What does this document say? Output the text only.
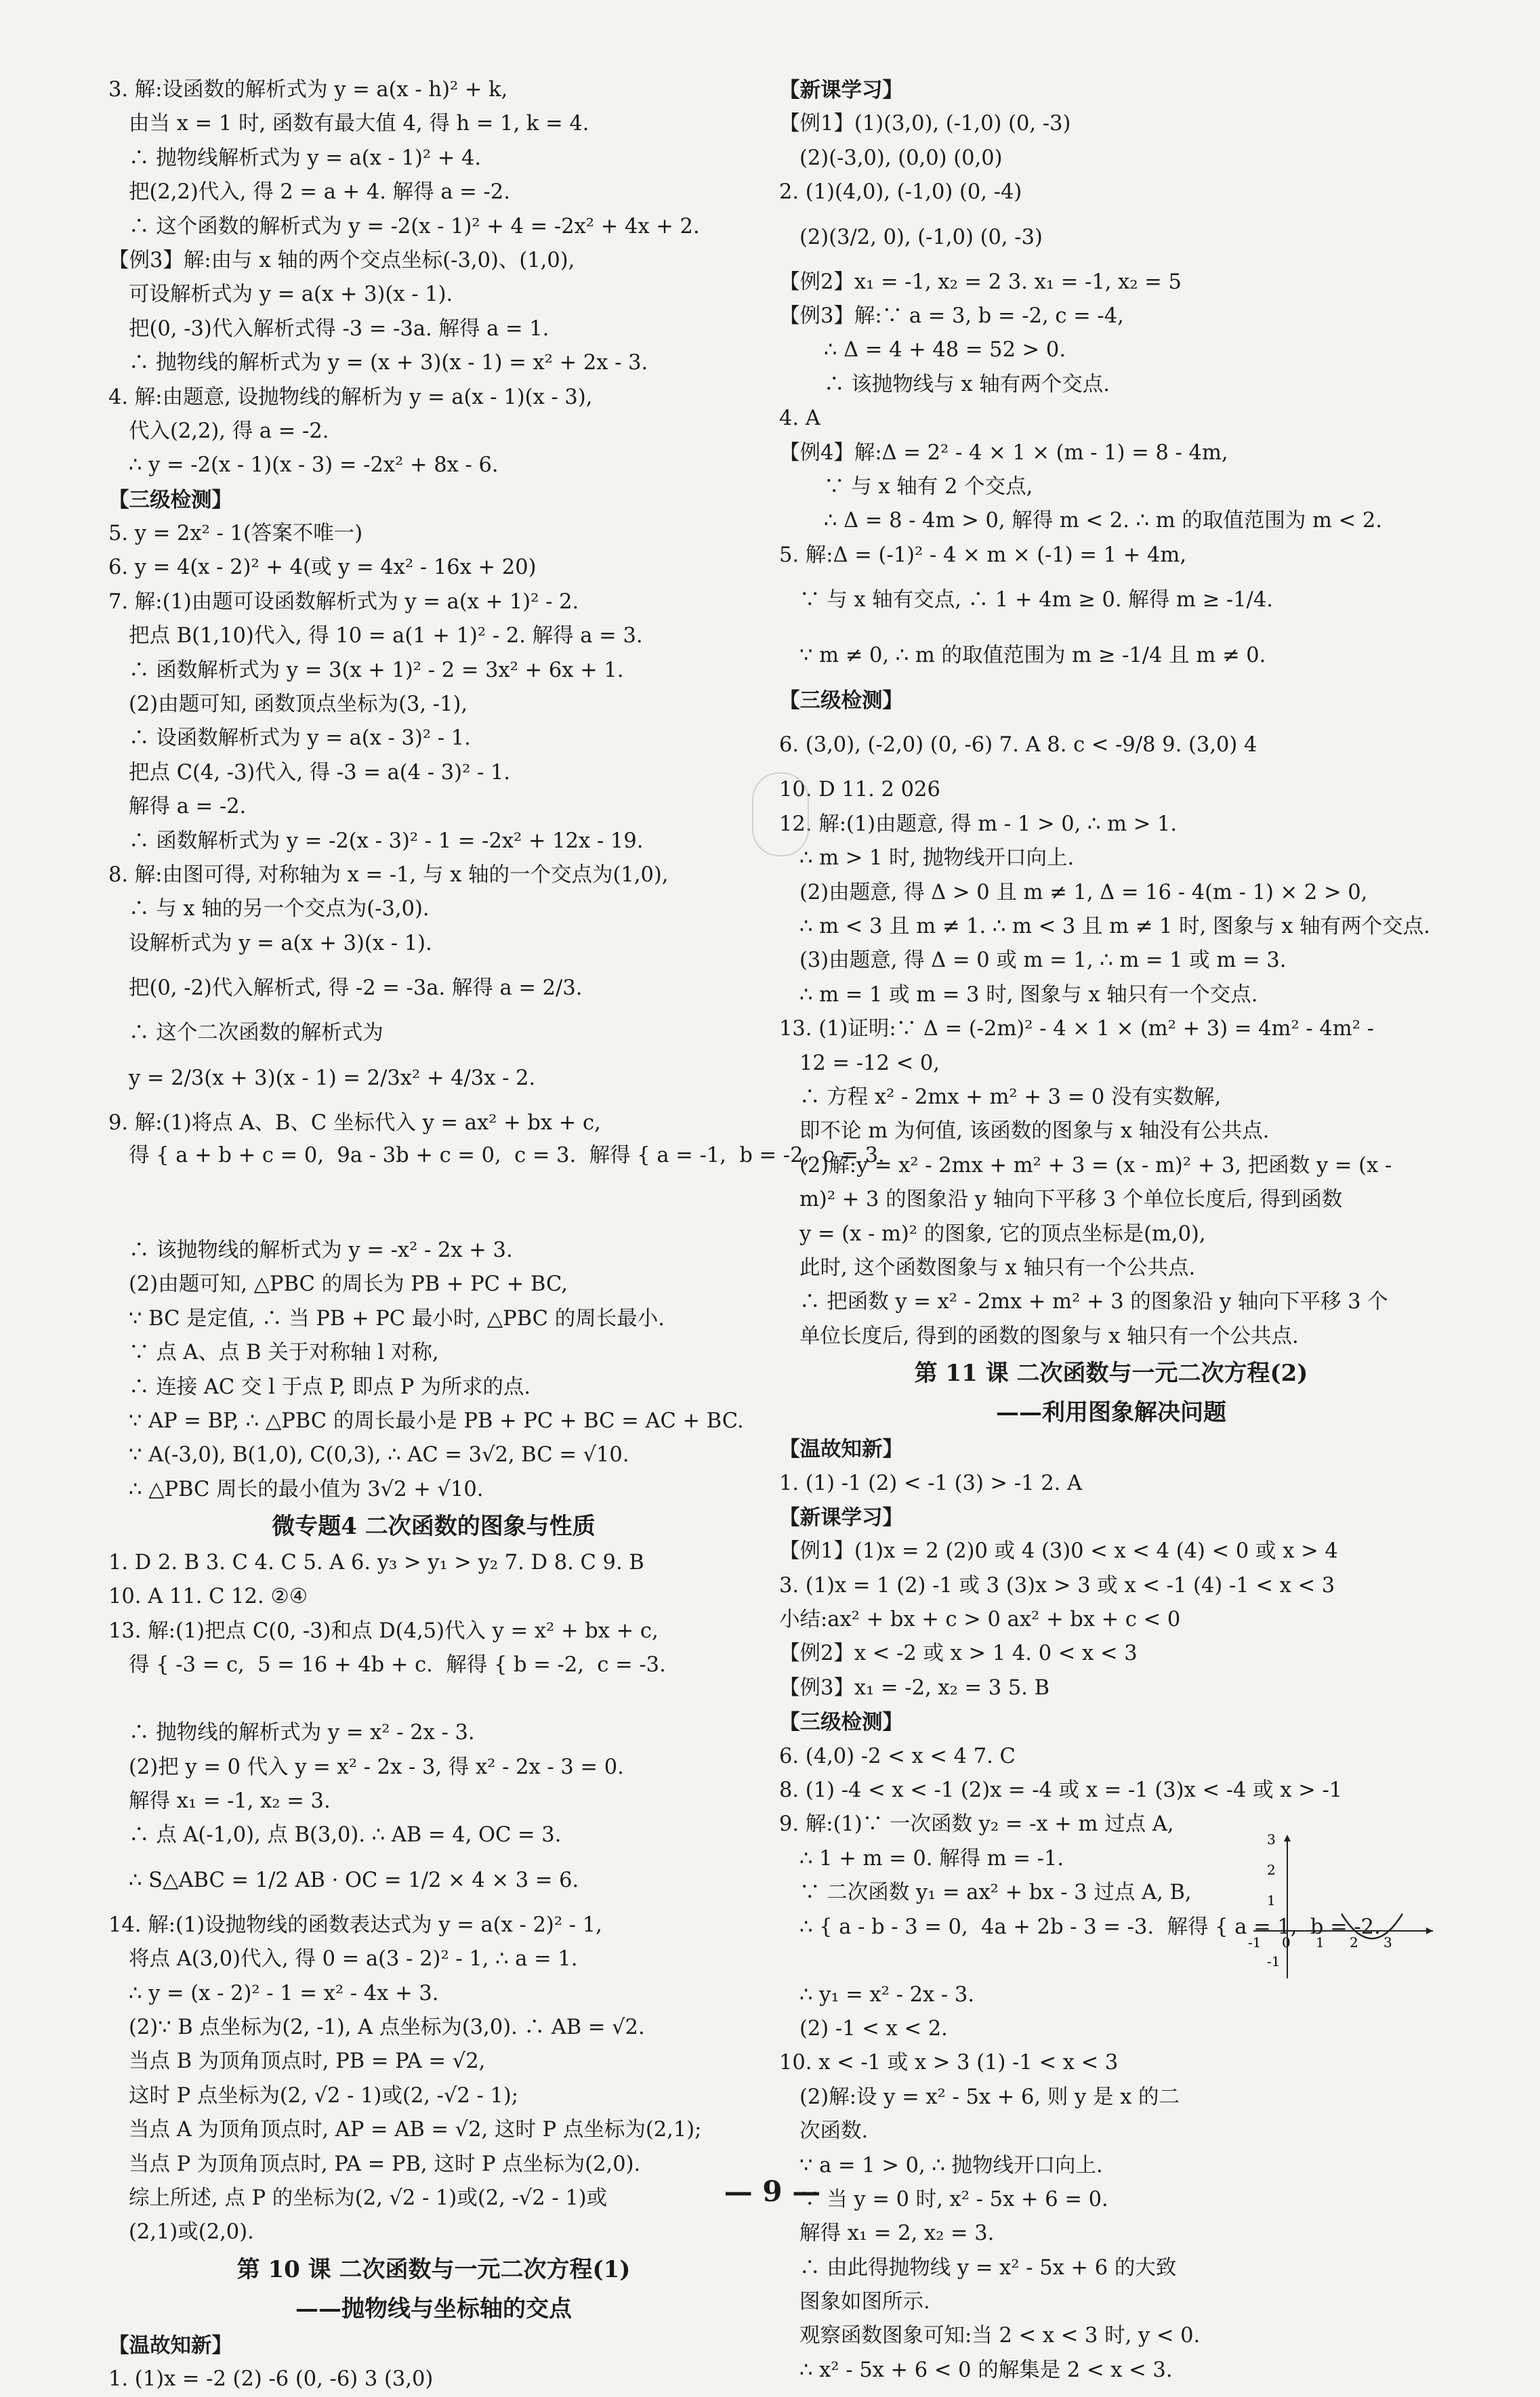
3. 解:设函数的解析式为 y = a(x - h)² + k,
由当 x = 1 时, 函数有最大值 4, 得 h = 1, k = 4.
∴ 抛物线解析式为 y = a(x - 1)² + 4.
把(2,2)代入, 得 2 = a + 4. 解得 a = -2.
∴ 这个函数的解析式为 y = -2(x - 1)² + 4 = -2x² + 4x + 2.
【例3】解:由与 x 轴的两个交点坐标(-3,0)、(1,0),
可设解析式为 y = a(x + 3)(x - 1).
把(0, -3)代入解析式得 -3 = -3a. 解得 a = 1.
∴ 抛物线的解析式为 y = (x + 3)(x - 1) = x² + 2x - 3.
4. 解:由题意, 设抛物线的解析为 y = a(x - 1)(x - 3),
代入(2,2), 得 a = -2.
∴ y = -2(x - 1)(x - 3) = -2x² + 8x - 6.
【三级检测】
5. y = 2x² - 1(答案不唯一)
6. y = 4(x - 2)² + 4(或 y = 4x² - 16x + 20)
7. 解:(1)由题可设函数解析式为 y = a(x + 1)² - 2.
把点 B(1,10)代入, 得 10 = a(1 + 1)² - 2. 解得 a = 3.
∴ 函数解析式为 y = 3(x + 1)² - 2 = 3x² + 6x + 1.
(2)由题可知, 函数顶点坐标为(3, -1),
∴ 设函数解析式为 y = a(x - 3)² - 1.
把点 C(4, -3)代入, 得 -3 = a(4 - 3)² - 1.
解得 a = -2.
∴ 函数解析式为 y = -2(x - 3)² - 1 = -2x² + 12x - 19.
8. 解:由图可得, 对称轴为 x = -1, 与 x 轴的一个交点为(1,0),
∴ 与 x 轴的另一个交点为(-3,0).
设解析式为 y = a(x + 3)(x - 1).
把(0, -2)代入解析式, 得 -2 = -3a. 解得 a = 2/3.
∴ 这个二次函数的解析式为
y = 2/3(x + 3)(x - 1) = 2/3x² + 4/3x - 2.
9. 解:(1)将点 A、B、C 坐标代入 y = ax² + bx + c,
得 { a + b + c = 0,  9a - 3b + c = 0,  c = 3.  解得 { a = -1,  b = -2,  c = 3.
∴ 该抛物线的解析式为 y = -x² - 2x + 3.
(2)由题可知, △PBC 的周长为 PB + PC + BC,
∵ BC 是定值, ∴ 当 PB + PC 最小时, △PBC 的周长最小.
∵ 点 A、点 B 关于对称轴 l 对称,
∴ 连接 AC 交 l 于点 P, 即点 P 为所求的点.
∵ AP = BP, ∴ △PBC 的周长最小是 PB + PC + BC = AC + BC.
∵ A(-3,0), B(1,0), C(0,3), ∴ AC = 3√2, BC = √10.
∴ △PBC 周长的最小值为 3√2 + √10.
微专题4 二次函数的图象与性质
1. D 2. B 3. C 4. C 5. A 6. y₃ > y₁ > y₂ 7. D 8. C 9. B
10. A 11. C 12. ②④
13. 解:(1)把点 C(0, -3)和点 D(4,5)代入 y = x² + bx + c,
得 { -3 = c,  5 = 16 + 4b + c.  解得 { b = -2,  c = -3.
∴ 抛物线的解析式为 y = x² - 2x - 3.
(2)把 y = 0 代入 y = x² - 2x - 3, 得 x² - 2x - 3 = 0.
解得 x₁ = -1, x₂ = 3.
∴ 点 A(-1,0), 点 B(3,0). ∴ AB = 4, OC = 3.
∴ S△ABC = 1/2 AB · OC = 1/2 × 4 × 3 = 6.
14. 解:(1)设抛物线的函数表达式为 y = a(x - 2)² - 1,
将点 A(3,0)代入, 得 0 = a(3 - 2)² - 1, ∴ a = 1.
∴ y = (x - 2)² - 1 = x² - 4x + 3.
(2)∵ B 点坐标为(2, -1), A 点坐标为(3,0). ∴ AB = √2.
当点 B 为顶角顶点时, PB = PA = √2,
这时 P 点坐标为(2, √2 - 1)或(2, -√2 - 1);
当点 A 为顶角顶点时, AP = AB = √2, 这时 P 点坐标为(2,1);
当点 P 为顶角顶点时, PA = PB, 这时 P 点坐标为(2,0).
综上所述, 点 P 的坐标为(2, √2 - 1)或(2, -√2 - 1)或
(2,1)或(2,0).
第 10 课 二次函数与一元二次方程(1)
——抛物线与坐标轴的交点
【温故知新】
1. (1)x = -2 (2) -6 (0, -6) 3 (3,0)
【新课学习】
【例1】(1)(3,0), (-1,0) (0, -3)
(2)(-3,0), (0,0) (0,0)
2. (1)(4,0), (-1,0) (0, -4)
(2)(3/2, 0), (-1,0) (0, -3)
【例2】x₁ = -1, x₂ = 2 3. x₁ = -1, x₂ = 5
【例3】解:∵ a = 3, b = -2, c = -4,
∴ Δ = 4 + 48 = 52 > 0.
∴ 该抛物线与 x 轴有两个交点.
4. A
【例4】解:Δ = 2² - 4 × 1 × (m - 1) = 8 - 4m,
∵ 与 x 轴有 2 个交点,
∴ Δ = 8 - 4m > 0, 解得 m < 2. ∴ m 的取值范围为 m < 2.
5. 解:Δ = (-1)² - 4 × m × (-1) = 1 + 4m,
∵ 与 x 轴有交点, ∴ 1 + 4m ≥ 0. 解得 m ≥ -1/4.
∵ m ≠ 0, ∴ m 的取值范围为 m ≥ -1/4 且 m ≠ 0.
【三级检测】
6. (3,0), (-2,0) (0, -6) 7. A 8. c < -9/8 9. (3,0) 4
10. D 11. 2 026
12. 解:(1)由题意, 得 m - 1 > 0, ∴ m > 1.
∴ m > 1 时, 抛物线开口向上.
(2)由题意, 得 Δ > 0 且 m ≠ 1, Δ = 16 - 4(m - 1) × 2 > 0,
∴ m < 3 且 m ≠ 1. ∴ m < 3 且 m ≠ 1 时, 图象与 x 轴有两个交点.
(3)由题意, 得 Δ = 0 或 m = 1, ∴ m = 1 或 m = 3.
∴ m = 1 或 m = 3 时, 图象与 x 轴只有一个交点.
13. (1)证明:∵ Δ = (-2m)² - 4 × 1 × (m² + 3) = 4m² - 4m² -
12 = -12 < 0,
∴ 方程 x² - 2mx + m² + 3 = 0 没有实数解,
即不论 m 为何值, 该函数的图象与 x 轴没有公共点.
(2)解:y = x² - 2mx + m² + 3 = (x - m)² + 3, 把函数 y = (x -
m)² + 3 的图象沿 y 轴向下平移 3 个单位长度后, 得到函数
y = (x - m)² 的图象, 它的顶点坐标是(m,0),
此时, 这个函数图象与 x 轴只有一个公共点.
∴ 把函数 y = x² - 2mx + m² + 3 的图象沿 y 轴向下平移 3 个
单位长度后, 得到的函数的图象与 x 轴只有一个公共点.
第 11 课 二次函数与一元二次方程(2)
——利用图象解决问题
【温故知新】
1. (1) -1 (2) < -1 (3) > -1 2. A
【新课学习】
【例1】(1)x = 2 (2)0 或 4 (3)0 < x < 4 (4) < 0 或 x > 4
3. (1)x = 1 (2) -1 或 3 (3)x > 3 或 x < -1 (4) -1 < x < 3
小结:ax² + bx + c > 0 ax² + bx + c < 0
【例2】x < -2 或 x > 1 4. 0 < x < 3
【例3】x₁ = -2, x₂ = 3 5. B
【三级检测】
6. (4,0) -2 < x < 4 7. C
8. (1) -4 < x < -1 (2)x = -4 或 x = -1 (3)x < -4 或 x > -1
9. 解:(1)∵ 一次函数 y₂ = -x + m 过点 A,
∴ 1 + m = 0. 解得 m = -1.
∵ 二次函数 y₁ = ax² + bx - 3 过点 A, B,
∴ { a - b - 3 = 0,  4a + 2b - 3 = -3.  解得 { a = 1,  b = -2.
∴ y₁ = x² - 2x - 3.
(2) -1 < x < 2.
10. x < -1 或 x > 3 (1) -1 < x < 3
(2)解:设 y = x² - 5x + 6, 则 y 是 x 的二
次函数.
∵ a = 1 > 0, ∴ 抛物线开口向上.
∵ 当 y = 0 时, x² - 5x + 6 = 0.
解得 x₁ = 2, x₂ = 3.
∴ 由此得抛物线 y = x² - 5x + 6 的大致
图象如图所示.
观察函数图象可知:当 2 < x < 3 时, y < 0.
∴ x² - 5x + 6 < 0 的解集是 2 < x < 3.
3
2
1
-1
-1 0 1 2 3
— 9 —
